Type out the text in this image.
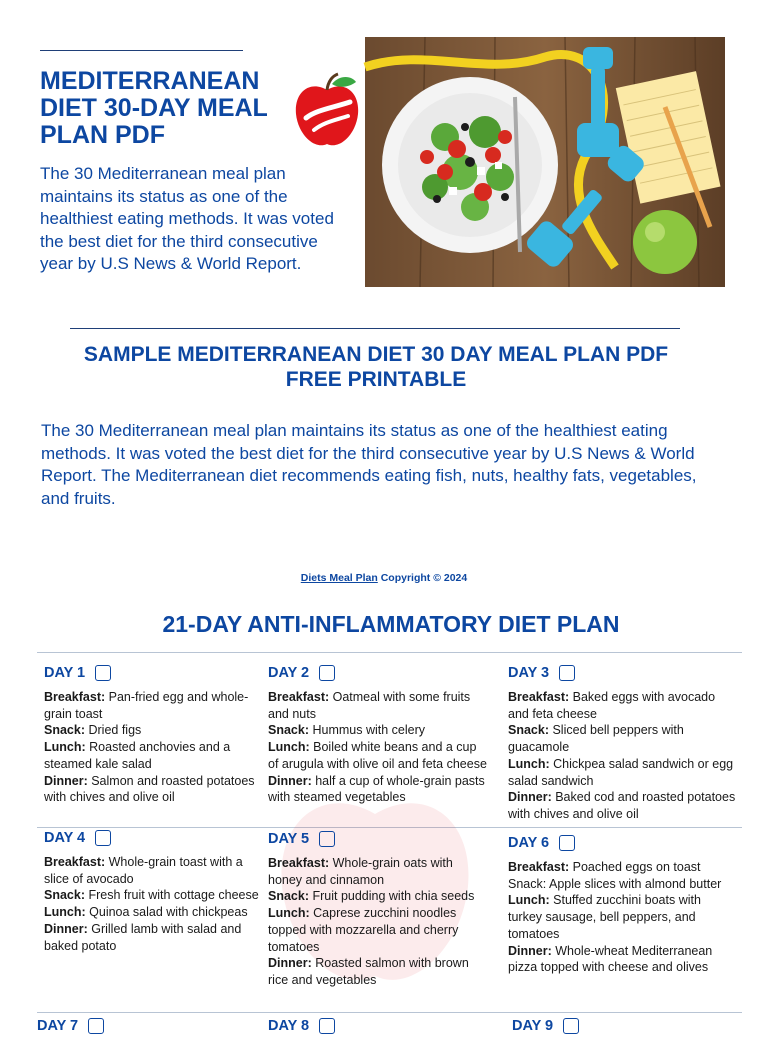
MEDITERRANEAN DIET 30-DAY MEAL PLAN PDF

The 30 Mediterranean meal plan maintains its status as one of the healthiest eating methods. It was voted the best diet for the third consecutive year by U.S News & World Report.

SAMPLE MEDITERRANEAN DIET 30 DAY MEAL PLAN PDF FREE PRINTABLE

The 30 Mediterranean meal plan maintains its status as one of the healthiest eating methods. It was voted the best diet for the third consecutive year by U.S News & World Report. The Mediterranean diet recommends eating fish, nuts, healthy fats, vegetables, and fruits.

Diets Meal Plan Copyright © 2024
21-DAY ANTI-INFLAMMATORY DIET PLAN
DAY 1
Breakfast: Pan-fried egg and whole-grain toast
Snack: Dried figs
Lunch: Roasted anchovies and a steamed kale salad
Dinner: Salmon and roasted potatoes with chives and olive oil
DAY 2
Breakfast: Oatmeal with some fruits and nuts
Snack: Hummus with celery
Lunch: Boiled white beans and a cup of arugula with olive oil and feta cheese
Dinner: half a cup of whole-grain pasts with steamed vegetables
DAY 3
Breakfast: Baked eggs with avocado and feta cheese
Snack: Sliced bell peppers with guacamole
Lunch: Chickpea salad sandwich or egg salad sandwich
Dinner: Baked cod and roasted potatoes with chives and olive oil
DAY 4
Breakfast: Whole-grain toast with a slice of avocado
Snack: Fresh fruit with cottage cheese
Lunch: Quinoa salad with chickpeas
Dinner: Grilled lamb with salad and baked potato
DAY 5
Breakfast: Whole-grain oats with honey and cinnamon
Snack: Fruit pudding with chia seeds
Lunch: Caprese zucchini noodles topped with mozzarella and cherry tomatoes
Dinner: Roasted salmon with brown rice and vegetables
DAY 6
Breakfast: Poached eggs on toast
Snack: Apple slices with almond butter
Lunch: Stuffed zucchini boats with turkey sausage, bell peppers, and tomatoes
Dinner: Whole-wheat Mediterranean pizza topped with cheese and olives
DAY 7	DAY 8	DAY 9
